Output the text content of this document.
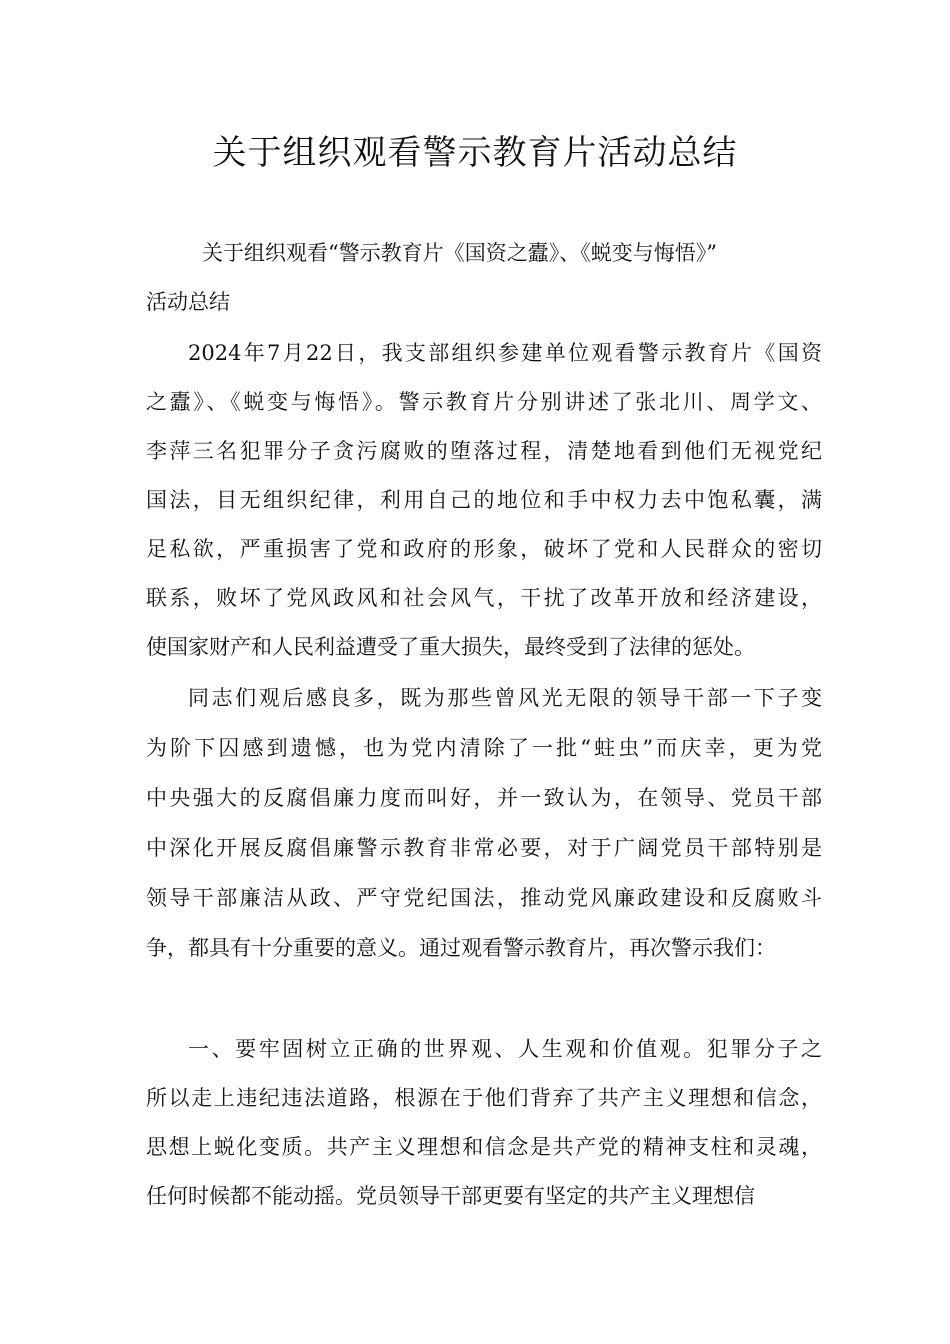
关于组织观看警示教育片活动总结
关于组织观看“警示教育片《国资之蠹》、《蜕变与悔悟》”
活动总结
2024年7月22日，我支部组织参建单位观看警示教育片《国资
之蠹》、《蜕变与悔悟》。警示教育片分别讲述了张北川、周学文、
李萍三名犯罪分子贪污腐败的堕落过程，清楚地看到他们无视党纪
国法，目无组织纪律，利用自己的地位和手中权力去中饱私囊，满
足私欲，严重损害了党和政府的形象，破坏了党和人民群众的密切
联系，败坏了党风政风和社会风气，干扰了改革开放和经济建设，
使国家财产和人民利益遭受了重大损失，最终受到了法律的惩处。
同志们观后感良多，既为那些曾风光无限的领导干部一下子变
为阶下囚感到遗憾，也为党内清除了一批“蛀虫”而庆幸，更为党
中央强大的反腐倡廉力度而叫好，并一致认为，在领导、党员干部
中深化开展反腐倡廉警示教育非常必要，对于广阔党员干部特别是
领导干部廉洁从政、严守党纪国法，推动党风廉政建设和反腐败斗
争，都具有十分重要的意义。通过观看警示教育片，再次警示我们：
一、要牢固树立正确的世界观、人生观和价值观。犯罪分子之
所以走上违纪违法道路，根源在于他们背弃了共产主义理想和信念，
思想上蜕化变质。共产主义理想和信念是共产党的精神支柱和灵魂，
任何时候都不能动摇。党员领导干部更要有坚定的共产主义理想信
